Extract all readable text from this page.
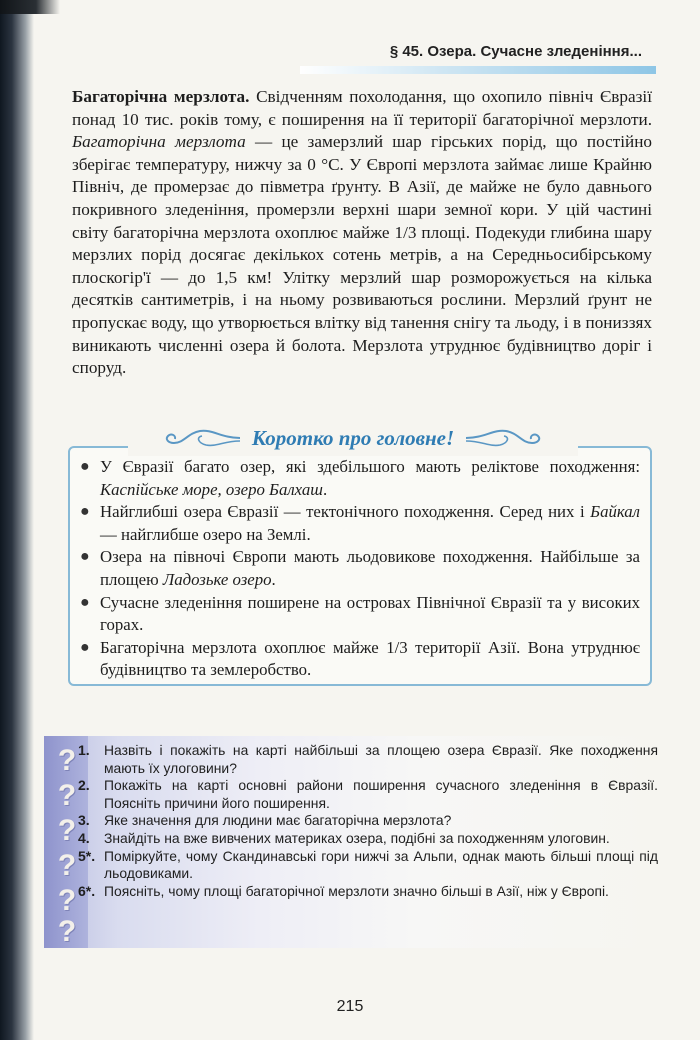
§ 45. Озера. Сучасне зледеніння...
Багаторічна мерзлота. Свідченням похолодання, що охопило північ Євразії понад 10 тис. років тому, є поширення на її території багаторічної мерзлоти. Багаторічна мерзлота — це замерзлий шар гірських порід, що постійно зберігає температуру, нижчу за 0 °С. У Європі мерзлота займає лише Крайню Північ, де промерзає до півметра ґрунту. В Азії, де майже не було давнього покривного зледеніння, промерзли верхні шари земної кори. У цій частині світу багаторічна мерзлота охоплює майже 1/3 площі. Подекуди глибина шару мерзлих порід досягає декількох сотень метрів, а на Середньосибірському плоскогір'ї — до 1,5 км! Улітку мерзлий шар розморожується на кілька десятків сантиметрів, і на ньому розвиваються рослини. Мерзлий ґрунт не пропускає воду, що утворюється влітку від танення снігу та льоду, і в пониззях виникають численні озера й болота. Мерзлота утруднює будівництво доріг і споруд.
Коротко про головне!
● У Євразії багато озер, які здебільшого мають реліктове походження: Каспійське море, озеро Балхаш.
● Найглибші озера Євразії — тектонічного походження. Серед них і Байкал — найглибше озеро на Землі.
● Озера на півночі Європи мають льодовикове походження. Найбільше за площею Ладозьке озеро.
● Сучасне зледеніння поширене на островах Північної Євразії та у високих горах.
● Багаторічна мерзлота охоплює майже 1/3 території Азії. Вона утруднює будівництво та землеробство.
?
?
?
?
?
?
1. Назвіть і покажіть на карті найбільші за площею озера Євразії. Яке походження мають їх улоговини?
2. Покажіть на карті основні райони поширення сучасного зледеніння в Євразії. Поясніть причини його поширення.
3. Яке значення для людини має багаторічна мерзлота?
4. Знайдіть на вже вивчених материках озера, подібні за походженням улоговин.
5*. Поміркуйте, чому Скандинавські гори нижчі за Альпи, однак мають більші площі під льодовиками.
6*. Поясніть, чому площі багаторічної мерзлоти значно більші в Азії, ніж у Європі.
215
